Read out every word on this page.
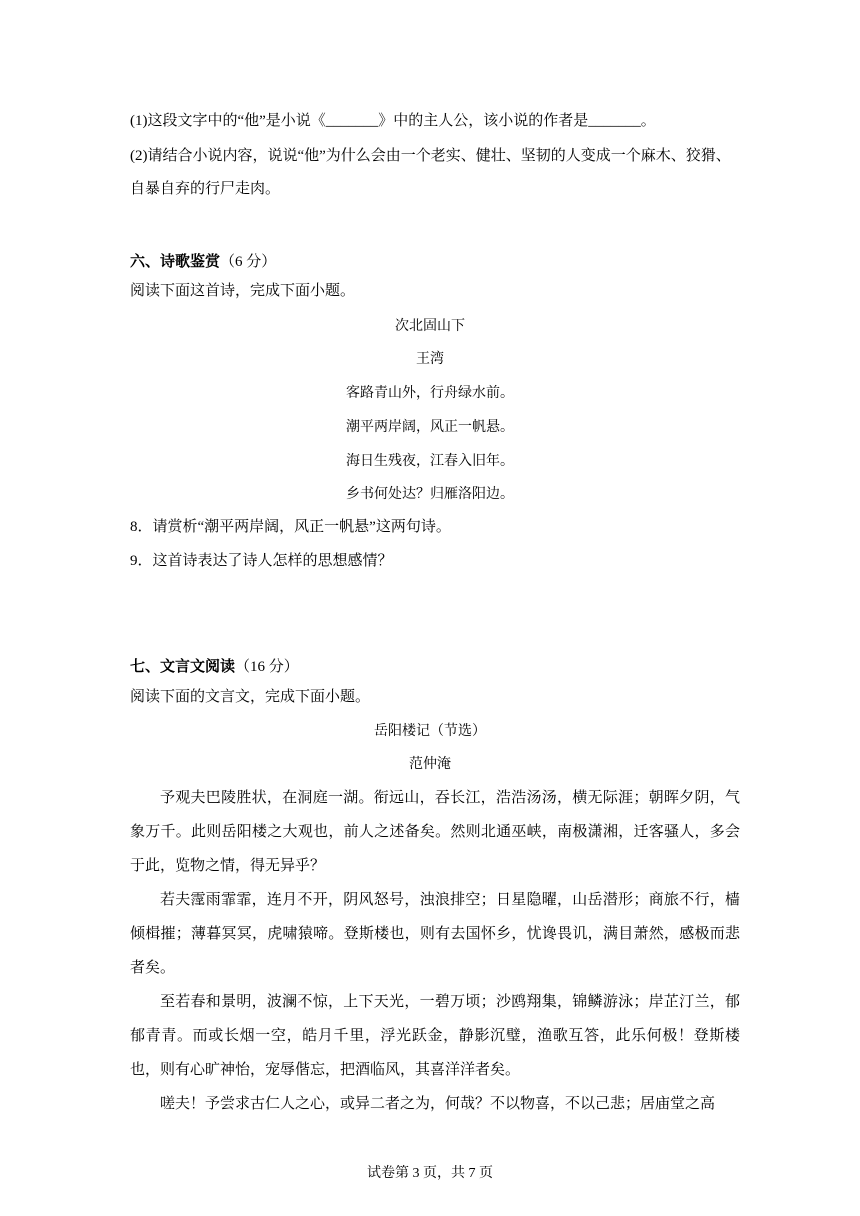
(1)这段文字中的“他”是小说《_______》中的主人公，该小说的作者是_______。
(2)请结合小说内容，说说“他”为什么会由一个老实、健壮、坚韧的人变成一个麻木、狡猾、
自暴自弃的行尸走肉。
六、诗歌鉴赏（6 分）
阅读下面这首诗，完成下面小题。
次北固山下
王湾
客路青山外，行舟绿水前。
潮平两岸阔，风正一帆悬。
海日生残夜，江春入旧年。
乡书何处达？归雁洛阳边。
8．请赏析“潮平两岸阔，风正一帆悬”这两句诗。
9．这首诗表达了诗人怎样的思想感情？
七、文言文阅读（16 分）
阅读下面的文言文，完成下面小题。
岳阳楼记（节选）
范仲淹

予观夫巴陵胜状，在洞庭一湖。衔远山，吞长江，浩浩汤汤，横无际涯；朝晖夕阴，气象万千。此则岳阳楼之大观也，前人之述备矣。然则北通巫峡，南极潇湘，迁客骚人，多会于此，览物之情，得无异乎？

若夫霪雨霏霏，连月不开，阴风怒号，浊浪排空；日星隐曜，山岳潜形；商旅不行，樯倾楫摧；薄暮冥冥，虎啸猿啼。登斯楼也，则有去国怀乡，忧谗畏讥，满目萧然，感极而悲者矣。

至若春和景明，波澜不惊，上下天光，一碧万顷；沙鸥翔集，锦鳞游泳；岸芷汀兰，郁郁青青。而或长烟一空，皓月千里，浮光跃金，静影沉璧，渔歌互答，此乐何极！登斯楼也，则有心旷神怡，宠辱偕忘，把酒临风，其喜洋洋者矣。

嗟夫！予尝求古仁人之心，或异二者之为，何哉？不以物喜，不以己悲；居庙堂之高

试卷第 3 页，共 7 页
